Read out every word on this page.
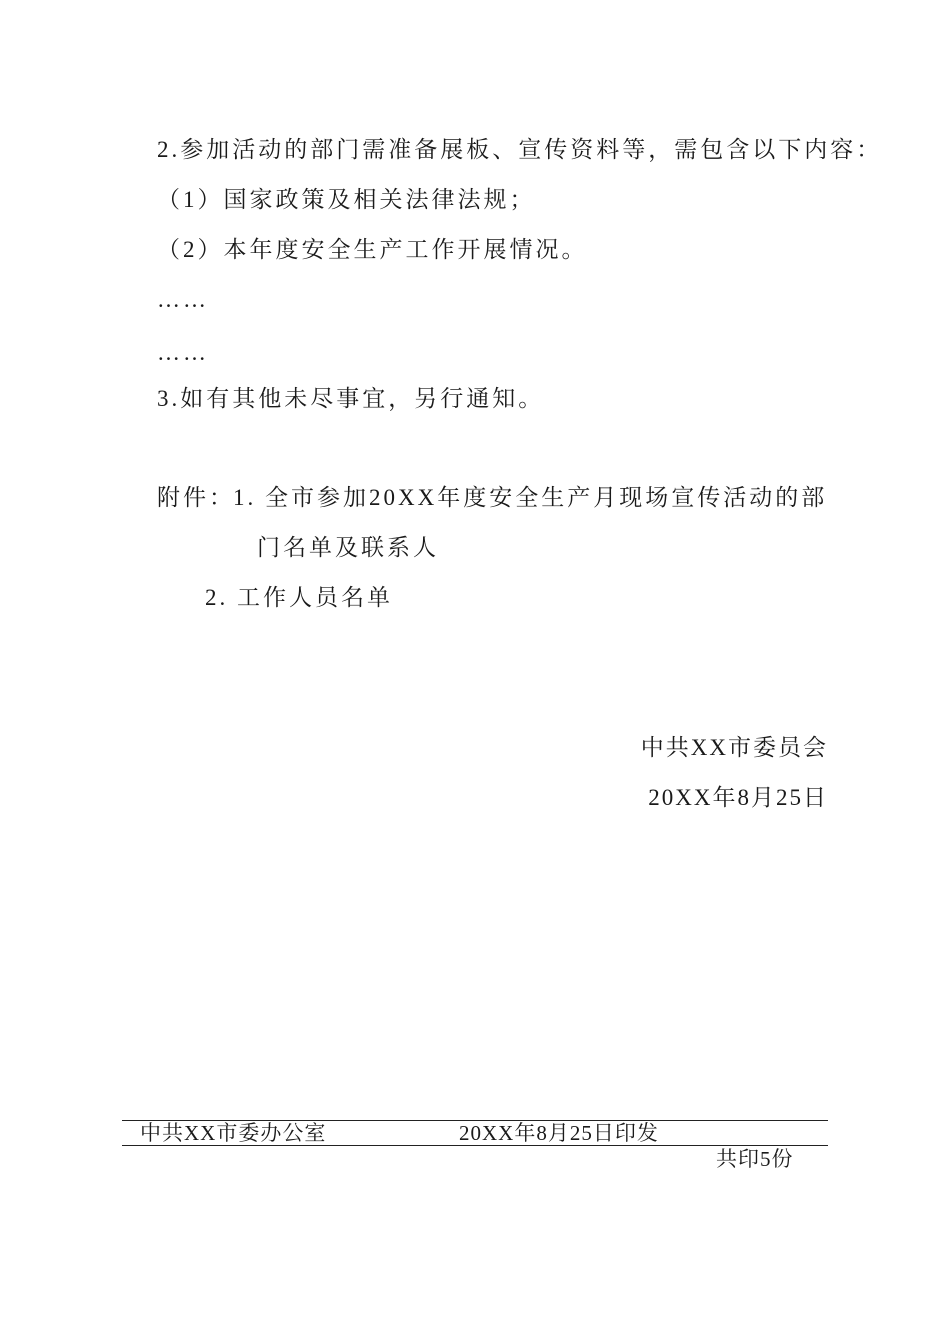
2.参加活动的部门需准备展板、宣传资料等，需包含以下内容：
（1）国家政策及相关法律法规；
（2）本年度安全生产工作开展情况。
……
……
3.如有其他未尽事宜，另行通知。
附件：
1. 全市参加20XX年度安全生产月现场宣传活动的部
门名单及联系人
2. 工作人员名单
中共XX市委员会
20XX年8月25日
中共XX市委办公室	20XX年8月25日印发
共印5份
